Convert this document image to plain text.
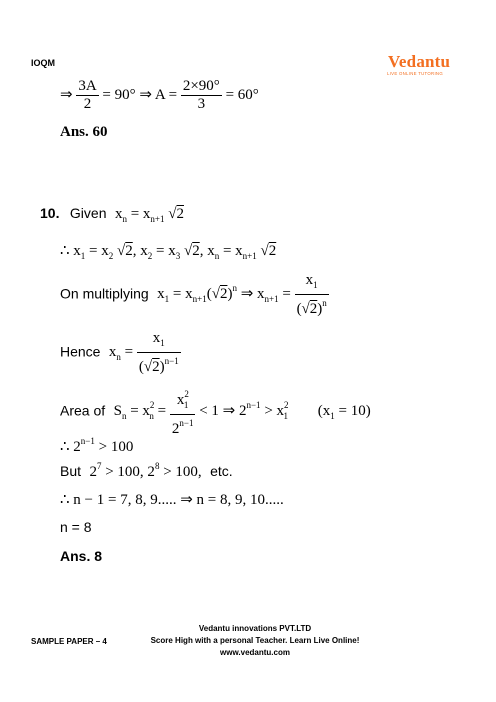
IOQM	Vedantu
LIVE ONLINE TUTORING
⇒ $\frac{3A}{2} = 90^\circ$ ⇒ $A = \frac{2\times 90^\circ}{3} = 60^\circ$
Ans. 60
10. Given $x_n = x_{n+1}$ √2
∴ $x_1 = x_2$ √2, $x_2 = x_3$ √2, $x_n = x_{n+1}$ √2
On multiplying $x_1 = x_{n+1}(√2)^n$ ⇒ $x_{n+1} = \frac{x_1}{(√2)^n}$
Hence $x_n = \frac{x_1}{(√2)^{n-1}}$
Area of $S_n = x^2_n = \frac{x^2_1}{2^{n-1}} < 1$ ⇒ $2^{n-1} > x^2_1$ $(x_1 = 10)$
∴ $2^{n-1} > 100$
But $2^7 > 100$, $2^8 > 100$, etc.
∴ n − 1 = 7, 8, 9..... ⇒ n = 8, 9, 10.....
n = 8
Ans. 8
SAMPLE PAPER – 4
Vedantu innovations PVT.LTD
Score High with a personal Teacher. Learn Live Online!
www.vedantu.com
